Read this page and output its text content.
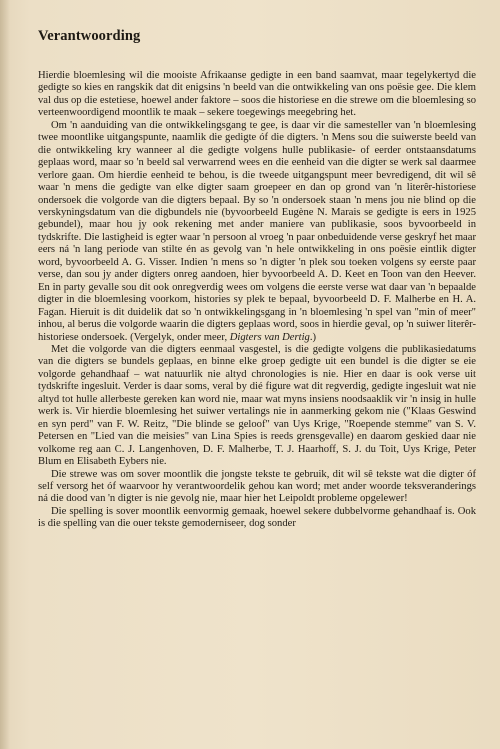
Verantwoording

Hierdie bloemlesing wil die mooiste Afrikaanse gedigte in een band saamvat, maar tegelykertyd die gedigte so kies en rangskik dat dit enigsins 'n beeld van die ontwikkeling van ons poësie gee. Die klem val dus op die estetiese, hoewel ander faktore – soos die historiese en die strewe om die bloemlesing so verteenwoordigend moontlik te maak – sekere toegewings meegebring het.

Om 'n aanduiding van die ontwikkelingsgang te gee, is daar vir die samesteller van 'n bloemlesing twee moontlike uitgangspunte, naamlik die gedigte óf die digters. 'n Mens sou die suiwerste beeld van die ontwikkeling kry wanneer al die gedigte volgens hulle publikasie- of eerder ontstaansdatums geplaas word, maar so 'n beeld sal verwarrend wees en die eenheid van die digter se werk sal daarmee verlore gaan. Om hierdie eenheid te behou, is die tweede uitgangspunt meer bevredigend, dit wil sê waar 'n mens die gedigte van elke digter saam groepeer en dan op grond van 'n literêr-historiese ondersoek die volgorde van die digters bepaal. By so 'n ondersoek staan 'n mens jou nie blind op die verskyningsdatum van die digbundels nie (byvoorbeeld Eugène N. Marais se gedigte is eers in 1925 gebundel), maar hou jy ook rekening met ander maniere van publikasie, soos byvoorbeeld in tydskrifte. Die lastigheid is egter waar 'n persoon al vroeg 'n paar onbeduidende verse geskryf het maar eers ná 'n lang periode van stilte én as gevolg van 'n hele ontwikkeling in ons poësie eintlik digter word, byvoorbeeld A. G. Visser. Indien 'n mens so 'n digter 'n plek sou toeken volgens sy eerste paar verse, dan sou jy ander digters onreg aandoen, hier byvoorbeeld A. D. Keet en Toon van den Heever. En in party gevalle sou dit ook onregverdig wees om volgens die eerste verse wat daar van 'n bepaalde digter in die bloemlesing voorkom, histories sy plek te bepaal, byvoorbeeld D. F. Malherbe en H. A. Fagan. Hieruit is dit duidelik dat so 'n ontwikkelingsgang in 'n bloemlesing 'n spel van "min of meer" inhou, al berus die volgorde waarin die digters geplaas word, soos in hierdie geval, op 'n suiwer literêr-historiese ondersoek. (Vergelyk, onder meer, Digters van Dertig.)

Met die volgorde van die digters eenmaal vasgestel, is die gedigte volgens die publikasiedatums van die digters se bundels geplaas, en binne elke groep gedigte uit een bundel is die digter se eie volgorde gehandhaaf – wat natuurlik nie altyd chronologies is nie. Hier en daar is ook verse uit tydskrifte ingesluit. Verder is daar soms, veral by dié figure wat dit regverdig, gedigte ingesluit wat nie altyd tot hulle allerbeste gereken kan word nie, maar wat myns insiens noodsaaklik vir 'n insig in hulle werk is. Vir hierdie bloemlesing het suiwer vertalings nie in aanmerking gekom nie ("Klaas Geswind en syn perd" van F. W. Reitz, "Die blinde se geloof" van Uys Krige, "Roepende stemme" van S. V. Petersen en "Lied van die meisies" van Lina Spies is reeds grensgevalle) en daarom geskied daar nie volkome reg aan C. J. Langenhoven, D. F. Malherbe, T. J. Haarhoff, S. J. du Toit, Uys Krige, Peter Blum en Elisabeth Eybers nie.

Die strewe was om sover moontlik die jongste tekste te gebruik, dit wil sê tekste wat die digter óf self versorg het óf waarvoor hy verantwoordelik gehou kan word; met ander woorde teksveranderings ná die dood van 'n digter is nie gevolg nie, maar hier het Leipoldt probleme opgelewer!

Die spelling is sover moontlik eenvormig gemaak, hoewel sekere dubbelvorme gehandhaaf is. Ook is die spelling van die ouer tekste gemoderniseer, dog sonder
